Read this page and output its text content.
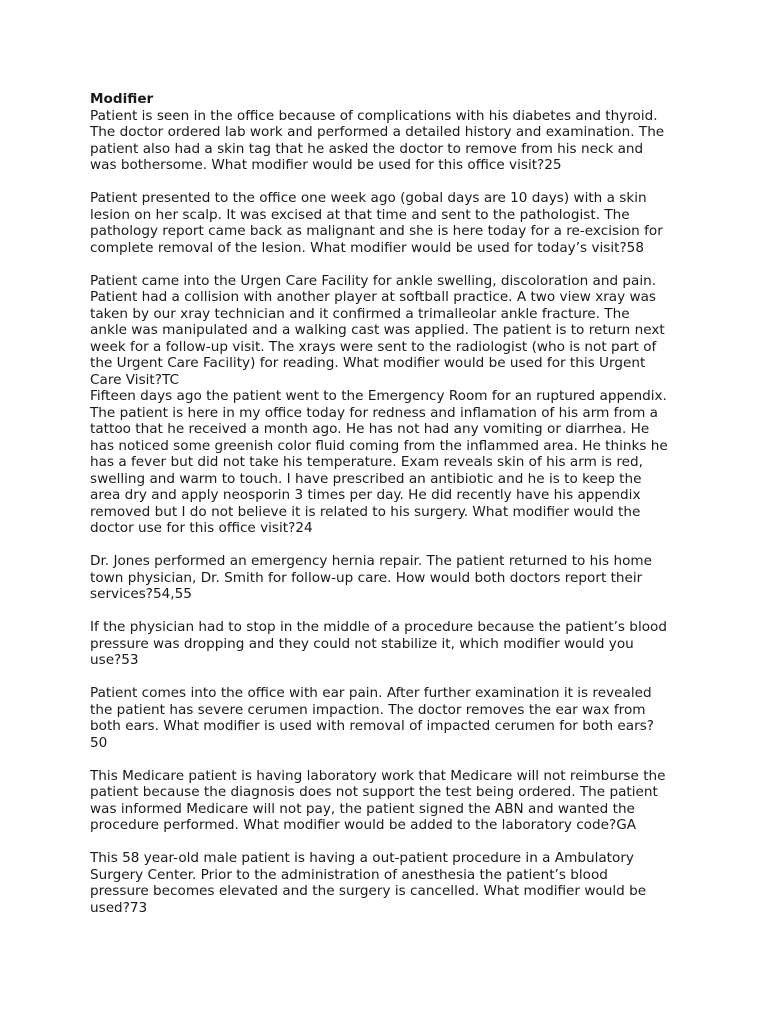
Modifier
Patient is seen in the office because of complications with his diabetes and thyroid.
The doctor ordered lab work and performed a detailed history and examination. The
patient also had a skin tag that he asked the doctor to remove from his neck and
was bothersome. What modifier would be used for this office visit?25
Patient presented to the office one week ago (gobal days are 10 days) with a skin
lesion on her scalp. It was excised at that time and sent to the pathologist. The
pathology report came back as malignant and she is here today for a re-excision for
complete removal of the lesion. What modifier would be used for today’s visit?58
Patient came into the Urgen Care Facility for ankle swelling, discoloration and pain.
Patient had a collision with another player at softball practice. A two view xray was
taken by our xray technician and it confirmed a trimalleolar ankle fracture. The
ankle was manipulated and a walking cast was applied. The patient is to return next
week for a follow-up visit. The xrays were sent to the radiologist (who is not part of
the Urgent Care Facility) for reading. What modifier would be used for this Urgent
Care Visit?TC
Fifteen days ago the patient went to the Emergency Room for an ruptured appendix.
The patient is here in my office today for redness and inflamation of his arm from a
tattoo that he received a month ago. He has not had any vomiting or diarrhea. He
has noticed some greenish color fluid coming from the inflammed area. He thinks he
has a fever but did not take his temperature. Exam reveals skin of his arm is red,
swelling and warm to touch. I have prescribed an antibiotic and he is to keep the
area dry and apply neosporin 3 times per day. He did recently have his appendix
removed but I do not believe it is related to his surgery. What modifier would the
doctor use for this office visit?24
Dr. Jones performed an emergency hernia repair. The patient returned to his home
town physician, Dr. Smith for follow-up care. How would both doctors report their
services?54,55
If the physician had to stop in the middle of a procedure because the patient’s blood
pressure was dropping and they could not stabilize it, which modifier would you
use?53
Patient comes into the office with ear pain. After further examination it is revealed
the patient has severe cerumen impaction. The doctor removes the ear wax from
both ears. What modifier is used with removal of impacted cerumen for both ears?
50
This Medicare patient is having laboratory work that Medicare will not reimburse the
patient because the diagnosis does not support the test being ordered. The patient
was informed Medicare will not pay, the patient signed the ABN and wanted the
procedure performed. What modifier would be added to the laboratory code?GA
This 58 year-old male patient is having a out-patient procedure in a Ambulatory
Surgery Center. Prior to the administration of anesthesia the patient’s blood
pressure becomes elevated and the surgery is cancelled. What modifier would be
used?73
